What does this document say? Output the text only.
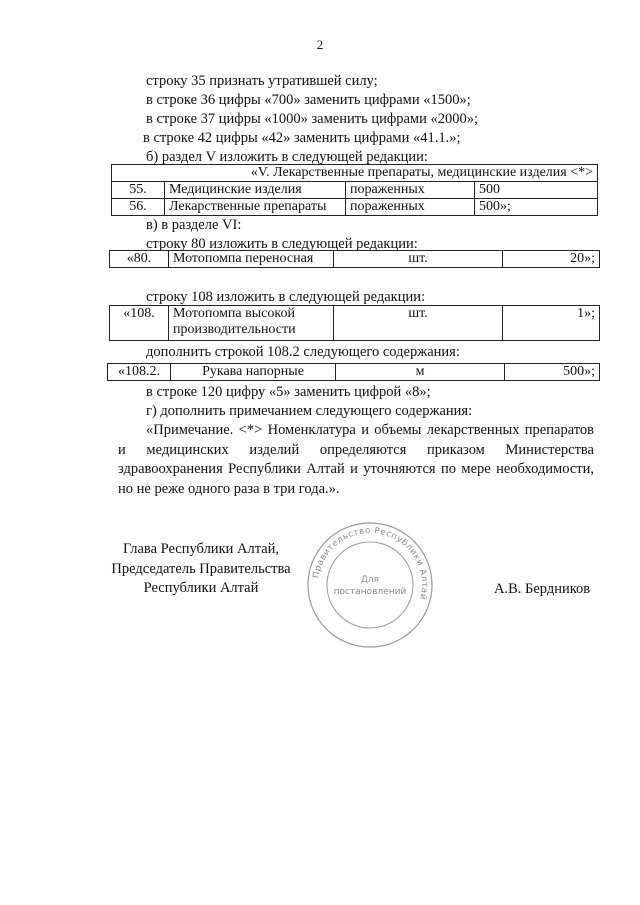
2
строку 35 признать утратившей силу;
в строке 36 цифры «700» заменить цифрами «1500»;
в строке 37 цифры «1000» заменить цифрами «2000»;
в строке 42 цифры «42» заменить цифрами «41.1.»;
б) раздел V изложить в следующей редакции:
«V. Лекарственные препараты, медицинские изделия <*>			
55.	Медицинские изделия	пораженных	500
56.	Лекарственные препараты	пораженных	500»;
в) в разделе VI:
строку 80 изложить в следующей редакции:
«80.	Мотопомпа переносная	шт.	20»;
строку 108 изложить в следующей редакции:
«108.	Мотопомпа высокой
производительности
	шт.	1»;
дополнить строкой 108.2 следующего содержания:
«108.2.	Рукава напорные	м	500»;
в строке 120 цифру «5» заменить цифрой «8»;
г) дополнить примечанием следующего содержания:

«Примечание. <*> Номенклатура и объемы лекарственных препаратов и медицинских изделий определяются приказом Министерства здравоохранения Республики Алтай и уточняются по мере необходимости, но не реже одного раза в три года.».

Глава Республики Алтай,
Председатель Правительства
Республики Алтай
Правительство Республики Алтай
Для
постановлений	А.В. Бердников
